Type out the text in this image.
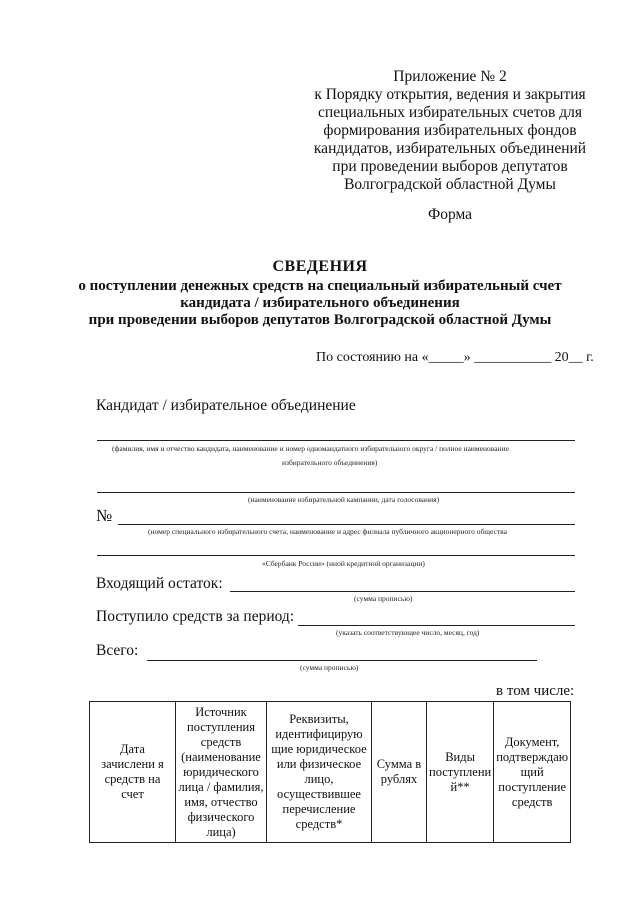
Приложение № 2
к Порядку открытия, ведения и закрытия
специальных избирательных счетов для
формирования избирательных фондов
кандидатов, избирательных объединений
при проведении выборов депутатов
Волгоградской областной Думы
Форма
СВЕДЕНИЯ
о поступлении денежных средств на специальный избирательный счет
кандидата / избирательного объединения
при проведении выборов депутатов Волгоградской областной Думы
По состоянию на «_____» ___________ 20__ г.
Кандидат / избирательное объединение
(фамилия, имя и отчество кандидата, наименование и номер одномандатного избирательного округа / полное наименование
избирательного объединения)
(наименование избирательной кампании, дата голосования)
№
(номер специального избирательного счета, наименование и адрес филиала публичного акционерного общества
«Сбербанк России» (иной кредитной организации)
Входящий остаток:
(сумма прописью)
Поступило средств за период:
(указать соответствующее число, месяц, год)
Всего:
(сумма прописью)
в том числе:
Дата зачислени я средств на счет	Источник поступления средств (наименование юридического лица / фамилия, имя, отчество физического лица)	Реквизиты, идентифицирую щие юридическое или физическое лицо, осуществившее перечисление средств*	Сумма в рублях	Виды поступлени й**	Документ, подтверждаю щий поступление средств
